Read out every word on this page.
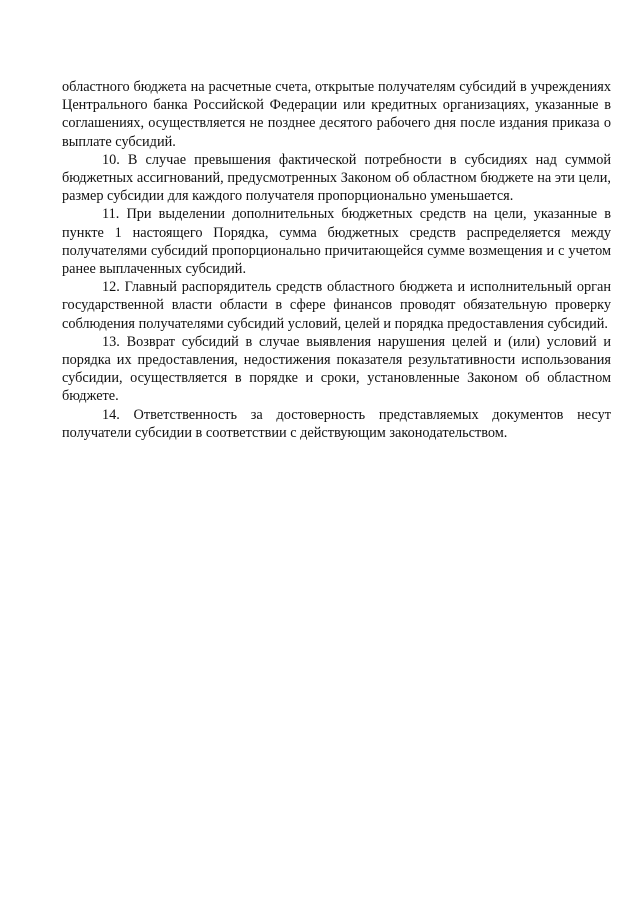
областного бюджета на расчетные счета, открытые получателям субсидий в учреждениях Центрального банка Российской Федерации или кредитных организациях, указанные в соглашениях, осуществляется не позднее десятого рабочего дня после издания приказа о выплате субсидий.

10. В случае превышения фактической потребности в субсидиях над суммой бюджетных ассигнований, предусмотренных Законом об областном бюджете на эти цели, размер субсидии для каждого получателя пропорционально уменьшается.

11. При выделении дополнительных бюджетных средств на цели, указанные в пункте 1 настоящего Порядка, сумма бюджетных средств распределяется между получателями субсидий пропорционально причитающейся сумме возмещения и с учетом ранее выплаченных субсидий.

12. Главный распорядитель средств областного бюджета и исполнительный орган государственной власти области в сфере финансов проводят обязательную проверку соблюдения получателями субсидий условий, целей и порядка предоставления субсидий.

13. Возврат субсидий в случае выявления нарушения целей и (или) условий и порядка их предоставления, недостижения показателя результативности использования субсидии, осуществляется в порядке и сроки, установленные Законом об областном бюджете.

14. Ответственность за достоверность представляемых документов несут получатели субсидии в соответствии с действующим законодательством.
